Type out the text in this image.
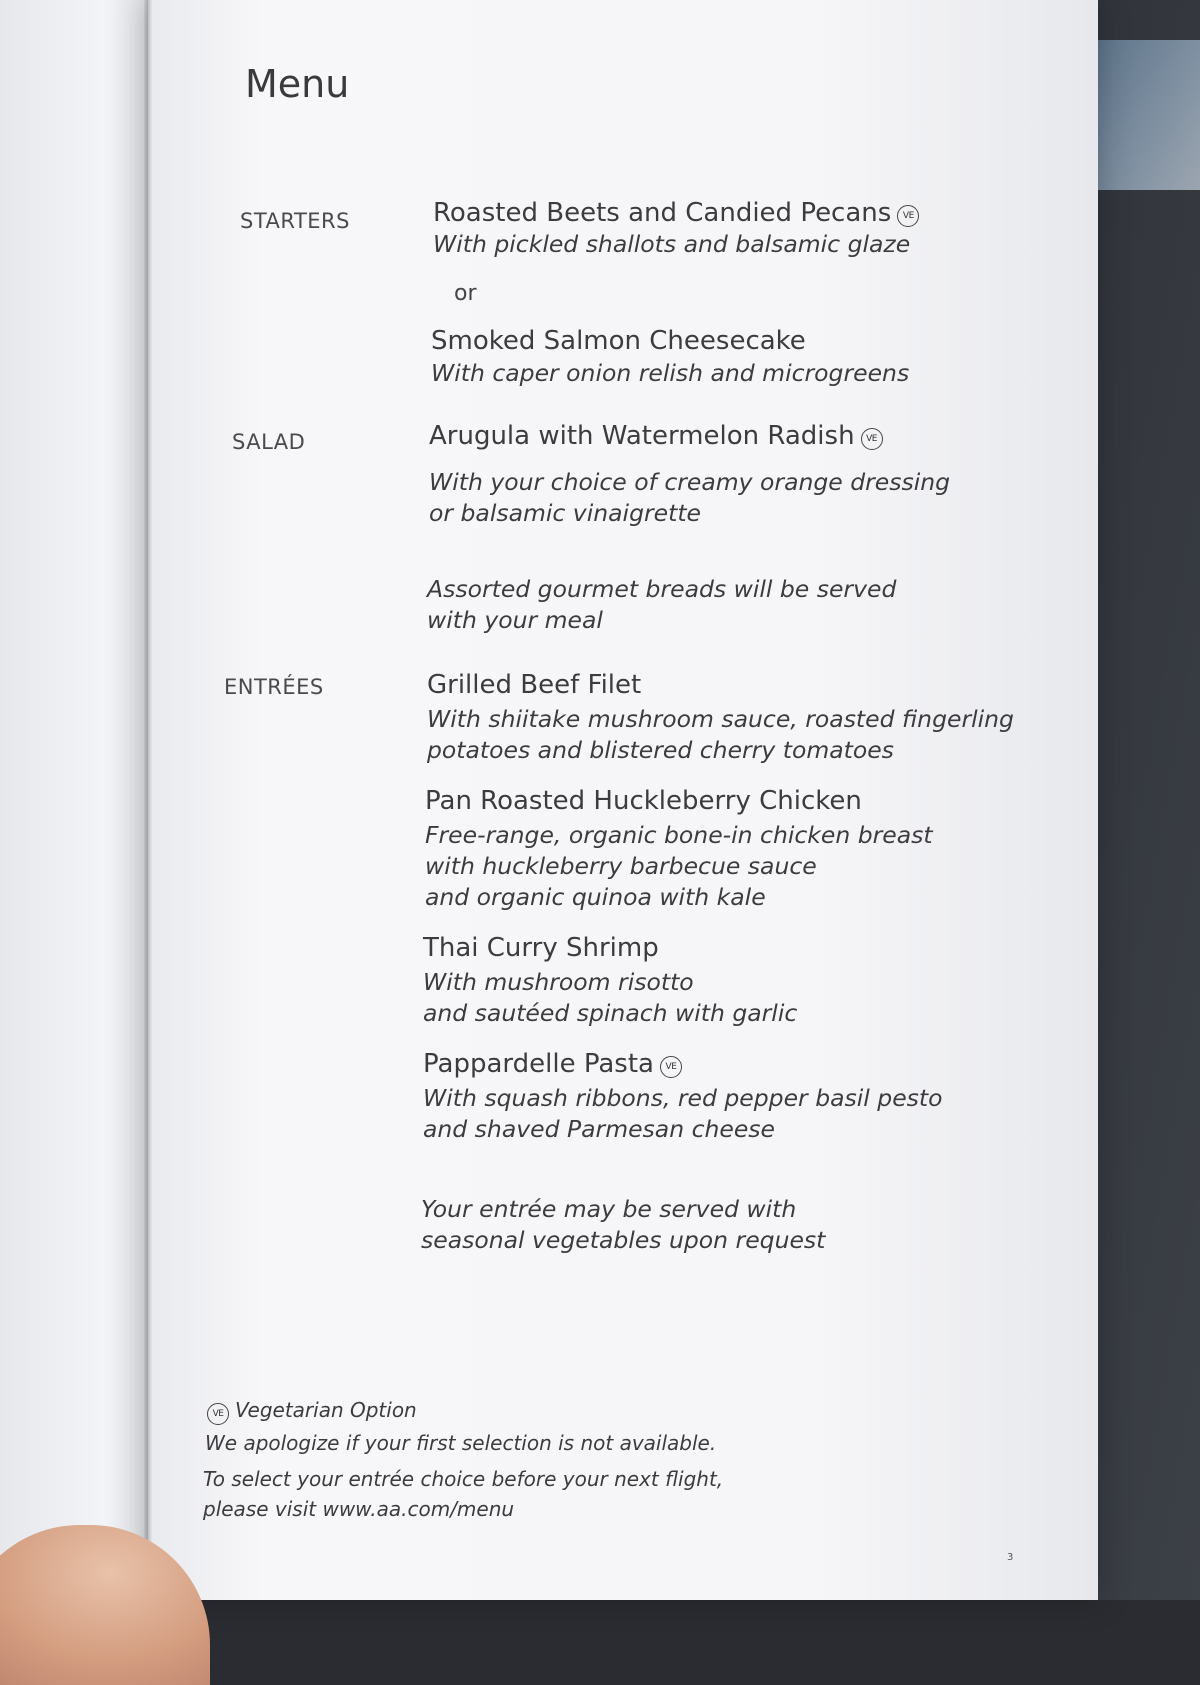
Menu
STARTERS	Roasted Beets and Candied Pecans VE
With pickled shallots and balsamic glaze
or
Smoked Salmon Cheesecake
With caper onion relish and microgreens
SALAD	Arugula with Watermelon Radish VE
With your choice of creamy orange dressing
or balsamic vinaigrette
Assorted gourmet breads will be served
with your meal
ENTRÉES	Grilled Beef Filet
With shiitake mushroom sauce, roasted fingerling
potatoes and blistered cherry tomatoes
Pan Roasted Huckleberry Chicken
Free-range, organic bone-in chicken breast
with huckleberry barbecue sauce
and organic quinoa with kale
Thai Curry Shrimp
With mushroom risotto
and sautéed spinach with garlic
Pappardelle Pasta VE
With squash ribbons, red pepper basil pesto
and shaved Parmesan cheese
Your entrée may be served with
seasonal vegetables upon request
VE Vegetarian Option
We apologize if your first selection is not available.
To select your entrée choice before your next flight,
please visit www.aa.com/menu
3
